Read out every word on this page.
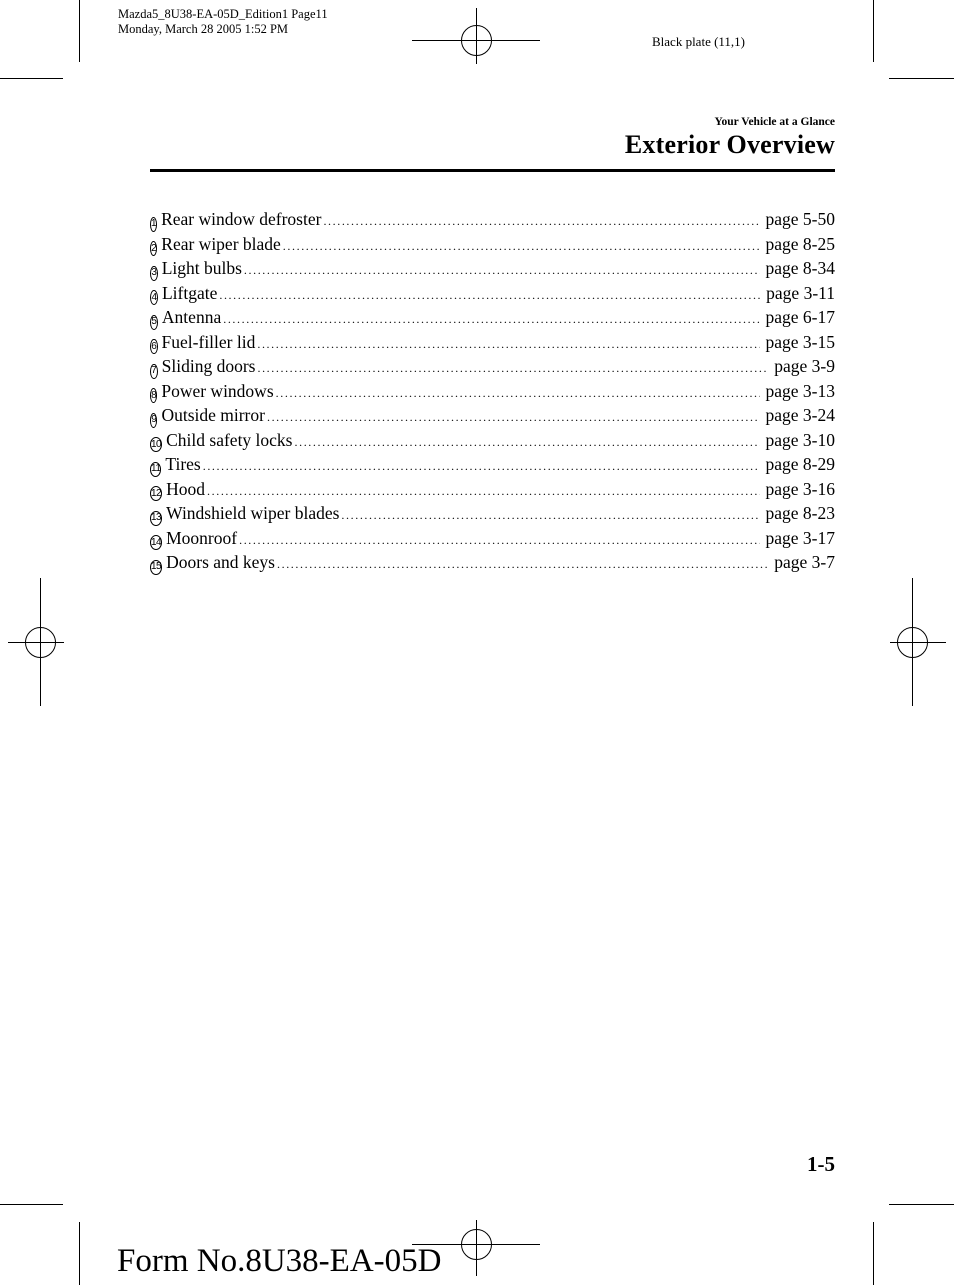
Mazda5_8U38-EA-05D_Edition1 Page11
Monday, March 28 2005 1:52 PM
Black plate (11,1)
Your Vehicle at a Glance
Exterior Overview
1 Rear window defroster .....	page 5-50
2 Rear wiper blade .....	page 8-25
3 Light bulbs .....	page 8-34
4 Liftgate .....	page 3-11
5 Antenna .....	page 6-17
6 Fuel-filler lid .....	page 3-15
7 Sliding doors .....	page 3-9
8 Power windows .....	page 3-13
9 Outside mirror .....	page 3-24
10 Child safety locks .....	page 3-10
11 Tires .....	page 8-29
12 Hood .....	page 3-16
13 Windshield wiper blades .....	page 8-23
14 Moonroof .....	page 3-17
15 Doors and keys .....	page 3-7
1-5
Form No.8U38-EA-05D
